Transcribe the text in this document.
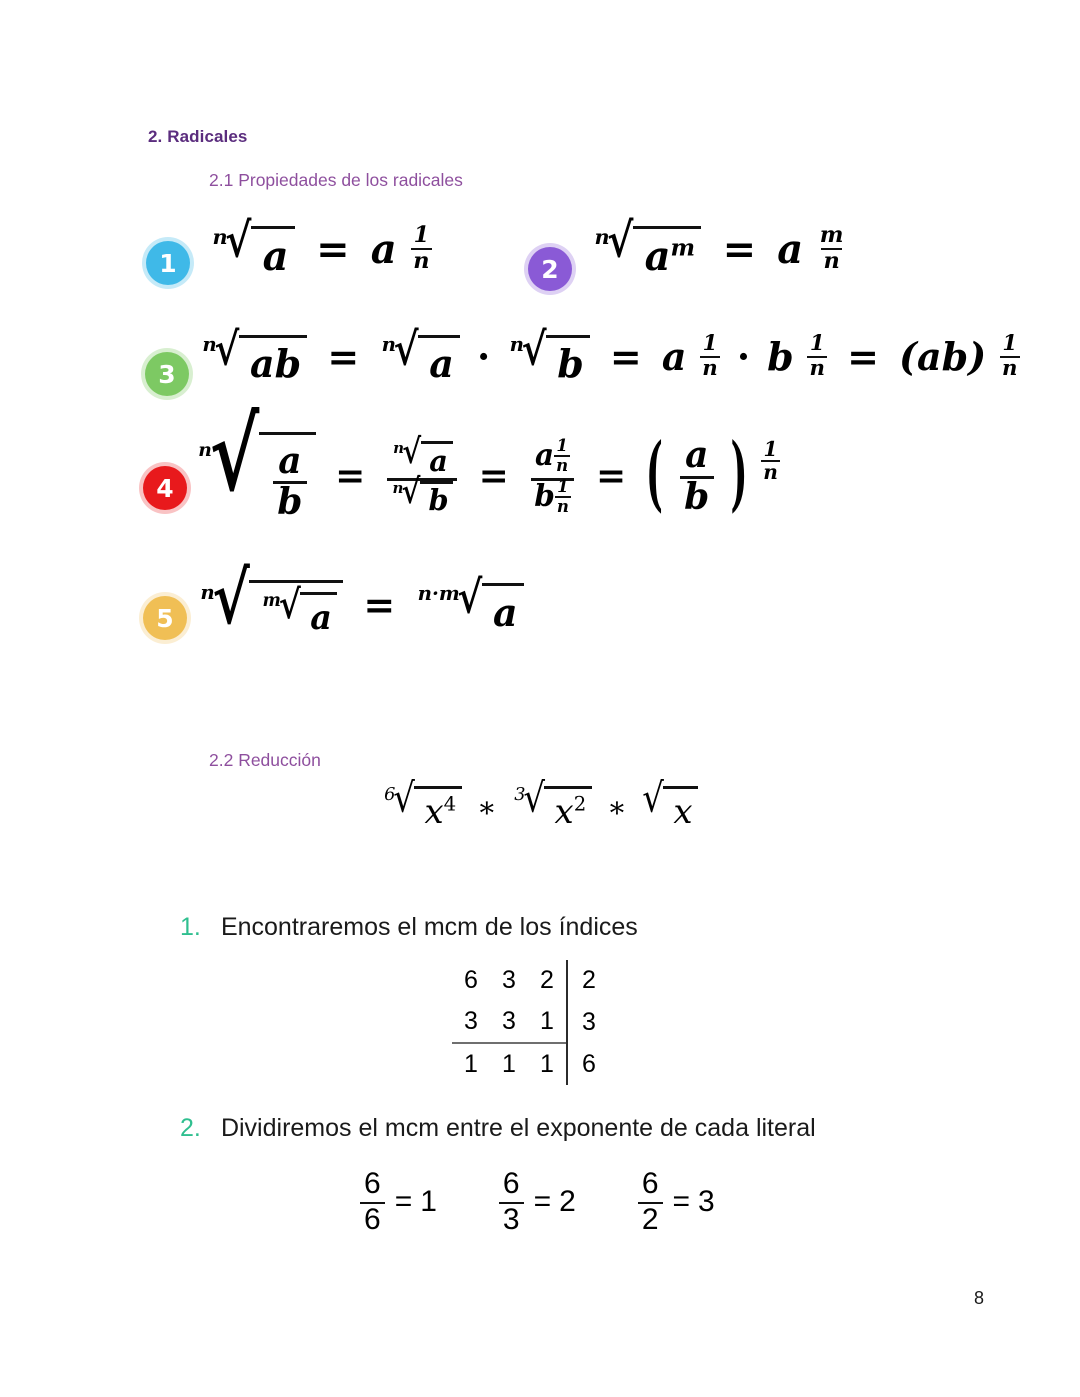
2. Radicales
2.1 Propiedades de los radicales
2.2 Reducción
1
n
√ a = a $\frac{1}{n}$	2
n
√ $a^m = a \frac{m}{n}$
3
n
√ ab = n
√ a · n
√ b = a $\frac{1}{n} \cdot b \frac{1}{n} = (ab) \frac{1}{n}$
4
n
√ $\frac{a}{b} = n$
√ a
n
√ $b = \frac{a \frac{1}{n}}{b \frac{1}{n}}$ = ( $\frac{a}{b}$ ) $\frac{1}{n}$
5
n
√ m
√ a = n·m
√ a
6
√ $x^4$ ∗ 3
√ $x^2$ ∗ √ x
1. Encontraremos el mcm de los índices
6	3	2	2
3	3	1	3
1	1	1	6
2. Dividiremos el mcm entre el exponente de cada literal
$\frac{6}{6} = 1 \frac{6}{3} = 2 \frac{6}{2} = 3$
8
